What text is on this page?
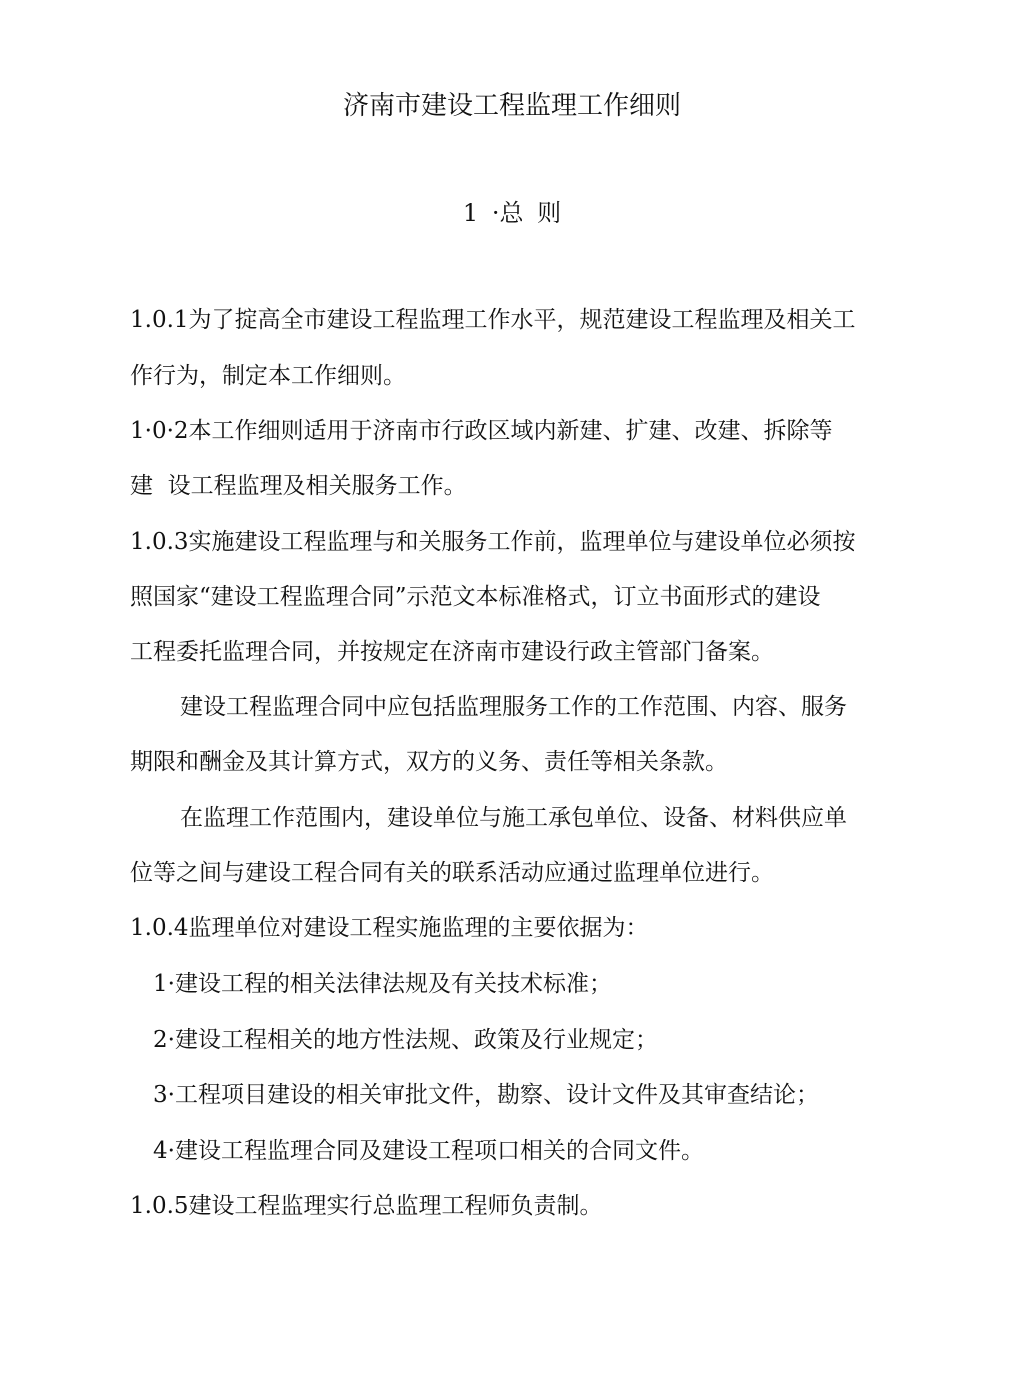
济南市建设工程监理工作细则
1 ·总 则
1.0.1为了掟高全市建设工程监理工作水平，规范建设工程监理及相关工
作行为，制定本工作细则。
1·0·2本工作细则适用于济南市行政区域内新建、扩建、改建、拆除等
建  设工程监理及相关服务工作。
1.0.3实施建设工程监理与和关服务工作前，监理单位与建设单位必须按
照国家“建设工程监理合同”示范文本标准格式，订立书面形式的建设
工程委托监理合同，并按规定在济南市建设行政主管部门备案。
建设工程监理合同中应包括监理服务工作的工作范围、内容、服务
期限和酬金及其计算方式，双方的义务、责任等相关条款。
在监理工作范围内，建设单位与施工承包单位、设备、材料供应单
位等之间与建设工程合同有关的联系活动应通过监理单位进行。
1.0.4监理单位对建设工程实施监理的主要依据为：
1·建设工程的相关法律法规及有关技术标准；
2·建设工程相关的地方性法规、政策及行业规定；
3·工程项目建设的相关审批文件，勘察、设计文件及其审查结论；
4·建设工程监理合同及建设工程项口相关的合同文件。
1.0.5建设工程监理实行总监理工程师负责制。
